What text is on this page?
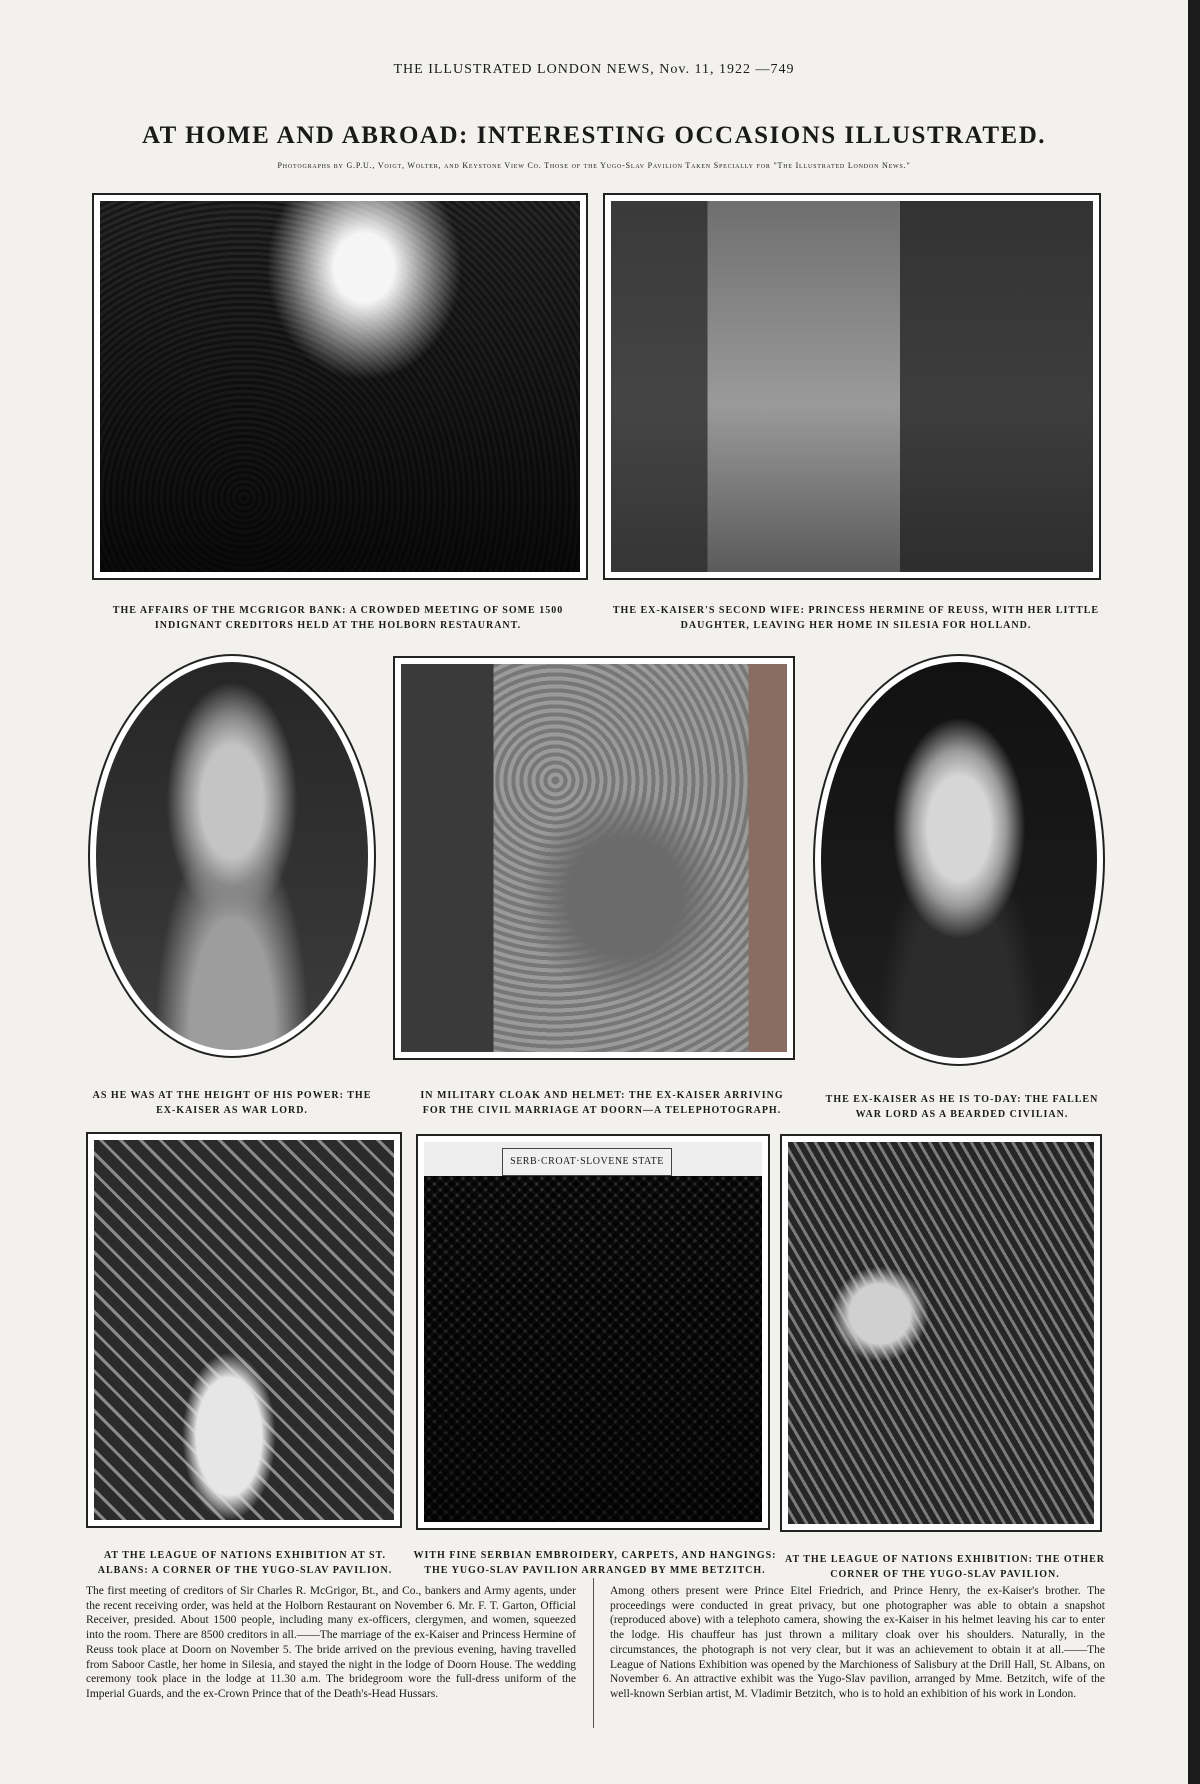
THE ILLUSTRATED LONDON NEWS, Nov. 11, 1922 —749
AT HOME AND ABROAD: INTERESTING OCCASIONS ILLUSTRATED.
Photographs by G.P.U., Voigt, Wolter, and Keystone View Co. Those of the Yugo-Slav Pavilion Taken Specially for "The Illustrated London News."
THE AFFAIRS OF THE MCGRIGOR BANK: A CROWDED MEETING OF SOME 1500 INDIGNANT CREDITORS HELD AT THE HOLBORN RESTAURANT.
THE EX-KAISER'S SECOND WIFE: PRINCESS HERMINE OF REUSS, WITH HER LITTLE DAUGHTER, LEAVING HER HOME IN SILESIA FOR HOLLAND.
AS HE WAS AT THE HEIGHT OF HIS POWER: THE EX-KAISER AS WAR LORD.
IN MILITARY CLOAK AND HELMET: THE EX-KAISER ARRIVING FOR THE CIVIL MARRIAGE AT DOORN—A TELEPHOTOGRAPH.
THE EX-KAISER AS HE IS TO-DAY: THE FALLEN WAR LORD AS A BEARDED CIVILIAN.
SERB·CROAT·SLOVENE STATE
AT THE LEAGUE OF NATIONS EXHIBITION AT ST. ALBANS: A CORNER OF THE YUGO-SLAV PAVILION.
WITH FINE SERBIAN EMBROIDERY, CARPETS, AND HANGINGS: THE YUGO-SLAV PAVILION ARRANGED BY MME BETZITCH.
AT THE LEAGUE OF NATIONS EXHIBITION: THE OTHER CORNER OF THE YUGO-SLAV PAVILION.
The first meeting of creditors of Sir Charles R. McGrigor, Bt., and Co., bankers and Army agents, under the recent receiving order, was held at the Holborn Restaurant on November 6. Mr. F. T. Garton, Official Receiver, presided. About 1500 people, including many ex-officers, clergymen, and women, squeezed into the room. There are 8500 creditors in all.——The marriage of the ex-Kaiser and Princess Hermine of Reuss took place at Doorn on November 5. The bride arrived on the previous evening, having travelled from Saboor Castle, her home in Silesia, and stayed the night in the lodge of Doorn House. The wedding ceremony took place in the lodge at 11.30 a.m. The bridegroom wore the full-dress uniform of the Imperial Guards, and the ex-Crown Prince that of the Death's-Head Hussars.
Among others present were Prince Eitel Friedrich, and Prince Henry, the ex-Kaiser's brother. The proceedings were conducted in great privacy, but one photographer was able to obtain a snapshot (reproduced above) with a telephoto camera, showing the ex-Kaiser in his helmet leaving his car to enter the lodge. His chauffeur has just thrown a military cloak over his shoulders. Naturally, in the circumstances, the photograph is not very clear, but it was an achievement to obtain it at all.——The League of Nations Exhibition was opened by the Marchioness of Salisbury at the Drill Hall, St. Albans, on November 6. An attractive exhibit was the Yugo-Slav pavilion, arranged by Mme. Betzitch, wife of the well-known Serbian artist, M. Vladimir Betzitch, who is to hold an exhibition of his work in London.
